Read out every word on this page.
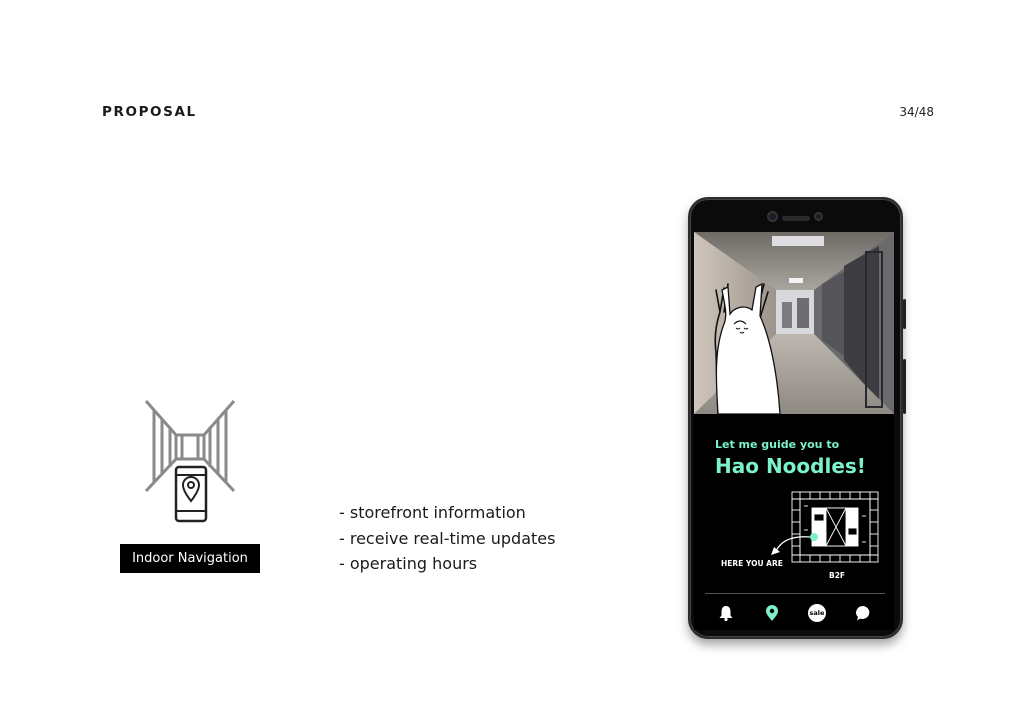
PROPOSAL	34/48
Indoor Navigation
- storefront information
- receive real-time updates
- operating hours
Let me guide you to
Hao Noodles!
HERE YOU ARE
B2F
sale
